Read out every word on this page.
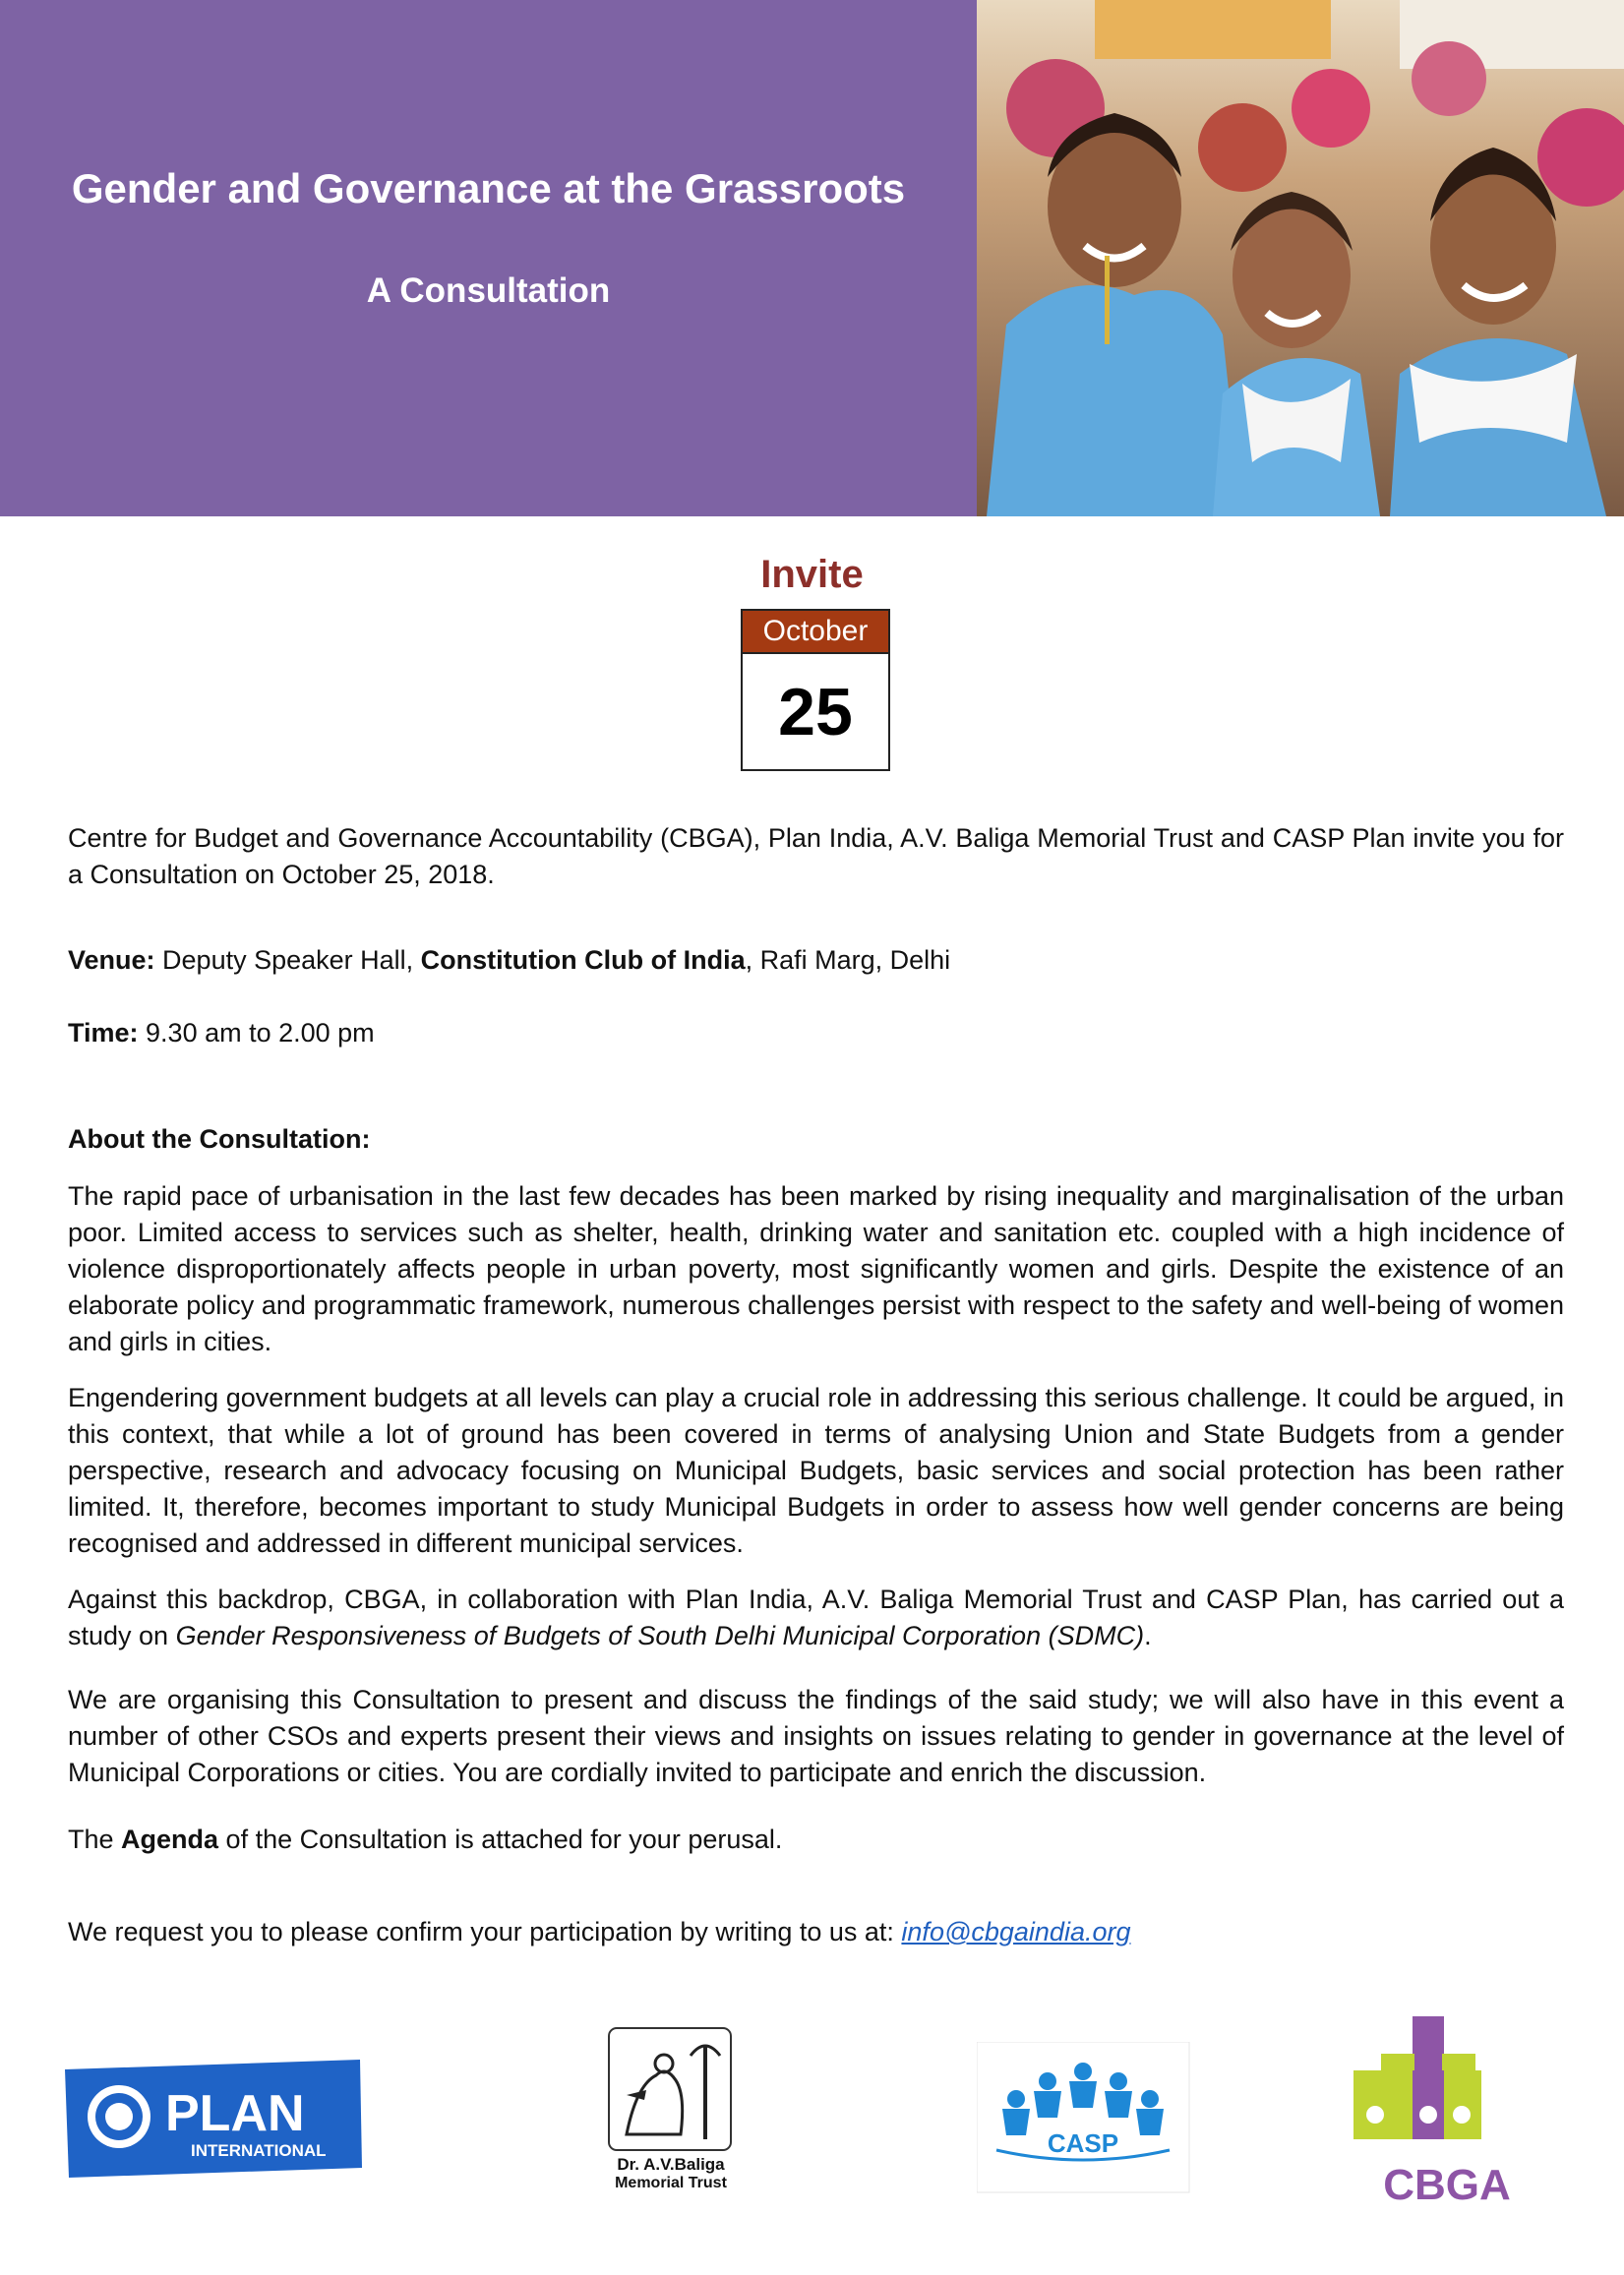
Gender and Governance at the Grassroots
A Consultation
Invite
October
25

Centre for Budget and Governance Accountability (CBGA), Plan India, A.V. Baliga Memorial Trust and CASP Plan invite you for a Consultation on October 25, 2018.

Venue: Deputy Speaker Hall, Constitution Club of India, Rafi Marg, Delhi
Time: 9.30 am to 2.00 pm
About the Consultation:

The rapid pace of urbanisation in the last few decades has been marked by rising inequality and marginalisation of the urban poor. Limited access to services such as shelter, health, drinking water and sanitation etc. coupled with a high incidence of violence disproportionately affects people in urban poverty, most significantly women and girls. Despite the existence of an elaborate policy and programmatic framework, numerous challenges persist with respect to the safety and well-being of women and girls in cities.

Engendering government budgets at all levels can play a crucial role in addressing this serious challenge. It could be argued, in this context, that while a lot of ground has been covered in terms of analysing Union and State Budgets from a gender perspective, research and advocacy focusing on Municipal Budgets, basic services and social protection has been rather limited. It, therefore, becomes important to study Municipal Budgets in order to assess how well gender concerns are being recognised and addressed in different municipal services.

Against this backdrop, CBGA, in collaboration with Plan India, A.V. Baliga Memorial Trust and CASP Plan, has carried out a study on Gender Responsiveness of Budgets of South Delhi Municipal Corporation (SDMC).

We are organising this Consultation to present and discuss the findings of the said study; we will also have in this event a number of other CSOs and experts present their views and insights on issues relating to gender in governance at the level of Municipal Corporations or cities. You are cordially invited to participate and enrich the discussion.

The Agenda of the Consultation is attached for your perusal.
We request you to please confirm your participation by writing to us at: info@cbgaindia.org
PLAN
INTERNATIONAL
Dr. A.V.Baliga
Memorial Trust
CASP
CBGA
